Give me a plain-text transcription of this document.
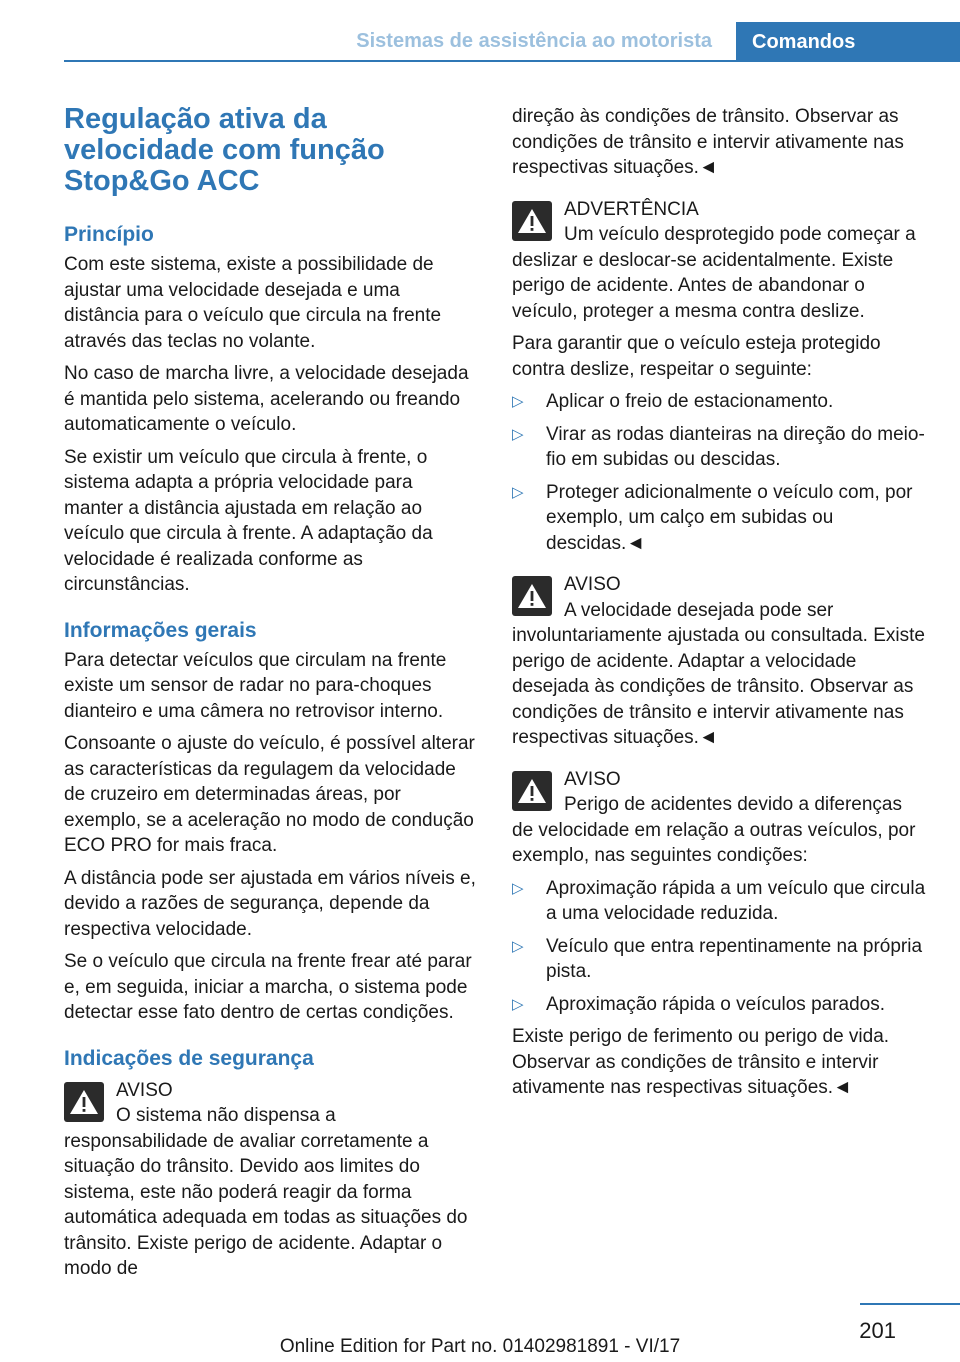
Sistemas de assistência ao motorista	Comandos
Regulação ativa da velocidade com função Stop&Go ACC
Princípio

Com este sistema, existe a possibilidade de ajustar uma velocidade desejada e uma distância para o veículo que circula na frente através das teclas no volante.

No caso de marcha livre, a velocidade desejada é mantida pelo sistema, acelerando ou freando automaticamente o veículo.

Se existir um veículo que circula à frente, o sistema adapta a própria velocidade para manter a distância ajustada em relação ao veículo que circula à frente. A adaptação da velocidade é realizada conforme as circunstâncias.

Informações gerais

Para detectar veículos que circulam na frente existe um sensor de radar no para-choques dianteiro e uma câmera no retrovisor interno.

Consoante o ajuste do veículo, é possível alterar as características da regulagem da velocidade de cruzeiro em determinadas áreas, por exemplo, se a aceleração no modo de condução ECO PRO for mais fraca.

A distância pode ser ajustada em vários níveis e, devido a razões de segurança, depende da respectiva velocidade.

Se o veículo que circula na frente frear até parar e, em seguida, iniciar a marcha, o sistema pode detectar esse fato dentro de certas condições.

Indicações de segurança
AVISO
O sistema não dispensa a responsabilidade de avaliar corretamente a situação do trânsito. Devido aos limites do sistema, este não poderá reagir da forma automática adequada em todas as situações do trânsito. Existe perigo de acidente. Adaptar o modo de

direção às condições de trânsito. Observar as condições de trânsito e intervir ativamente nas respectivas situações.◄

ADVERTÊNCIA
Um veículo desprotegido pode começar a deslizar e deslocar-se acidentalmente. Existe perigo de acidente. Antes de abandonar o veículo, proteger a mesma contra deslize.

Para garantir que o veículo esteja protegido contra deslize, respeitar o seguinte:

▷ Aplicar o freio de estacionamento.
▷ Virar as rodas dianteiras na direção do meio-fio em subidas ou descidas.
▷ Proteger adicionalmente o veículo com, por exemplo, um calço em subidas ou descidas.◄
AVISO
A velocidade desejada pode ser involuntariamente ajustada ou consultada. Existe perigo de acidente. Adaptar a velocidade desejada às condições de trânsito. Observar as condições de trânsito e intervir ativamente nas respectivas situações.◄
AVISO
Perigo de acidentes devido a diferenças de velocidade em relação a outras veículos, por exemplo, nas seguintes condições:
▷ Aproximação rápida a um veículo que circula a uma velocidade reduzida.
▷ Veículo que entra repentinamente na própria pista.
▷ Aproximação rápida o veículos parados.

Existe perigo de ferimento ou perigo de vida. Observar as condições de trânsito e intervir ativamente nas respectivas situações.◄

201
Online Edition for Part no. 01402981891 - VI/17
